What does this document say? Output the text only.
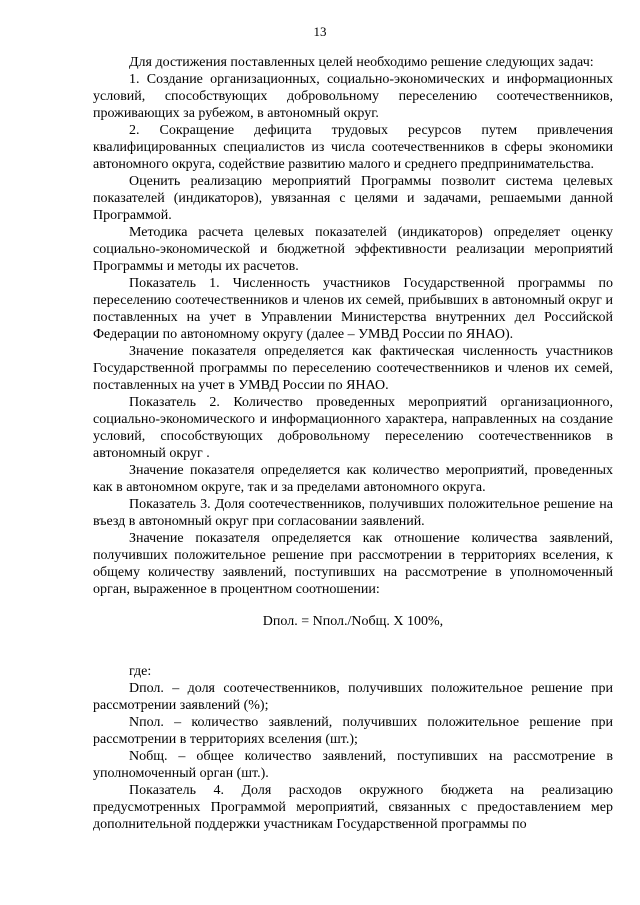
13

Для достижения поставленных целей необходимо решение следующих задач:

1. Создание организационных, социально-экономических и информационных условий, способствующих добровольному переселению соотечественников, проживающих за рубежом, в автономный округ.

2. Сокращение дефицита трудовых ресурсов путем привлечения квалифицированных специалистов из числа соотечественников в сферы экономики автономного округа, содействие развитию малого и среднего предпринимательства.

Оценить реализацию мероприятий Программы позволит система целевых показателей (индикаторов), увязанная с целями и задачами, решаемыми данной Программой.

Методика расчета целевых показателей (индикаторов) определяет оценку социально-экономической и бюджетной эффективности реализации мероприятий Программы и методы их расчетов.

Показатель 1. Численность участников Государственной программы по переселению соотечественников и членов их семей, прибывших в автономный округ и поставленных на учет в Управлении Министерства внутренних дел Российской Федерации по автономному округу (далее – УМВД России по ЯНАО).

Значение показателя определяется как фактическая численность участников Государственной программы по переселению соотечественников и членов их семей, поставленных на учет в УМВД России по ЯНАО.

Показатель 2. Количество проведенных мероприятий организационного, социально-экономического и информационного характера, направленных на создание условий, способствующих добровольному переселению соотечественников в автономный округ .

Значение показателя определяется как количество мероприятий, проведенных как в автономном округе, так и за пределами автономного округа.

Показатель 3. Доля соотечественников, получивших положительное решение на въезд в автономный округ при согласовании заявлений.

Значение показателя определяется как отношение количества заявлений, получивших положительное решение при рассмотрении в территориях вселения, к общему количеству заявлений, поступивших на рассмотрение в уполномоченный орган, выраженное в процентном соотношении:

Dпол. = Nпол./Nобщ. X 100%,

где:

Dпол. – доля соотечественников, получивших положительное решение при рассмотрении заявлений (%);

Nпол. – количество заявлений, получивших положительное решение при рассмотрении в территориях вселения (шт.);

Nобщ. – общее количество заявлений, поступивших на рассмотрение в уполномоченный орган (шт.).

Показатель 4. Доля расходов окружного бюджета на реализацию предусмотренных Программой мероприятий, связанных с предоставлением мер дополнительной поддержки участникам Государственной программы по
